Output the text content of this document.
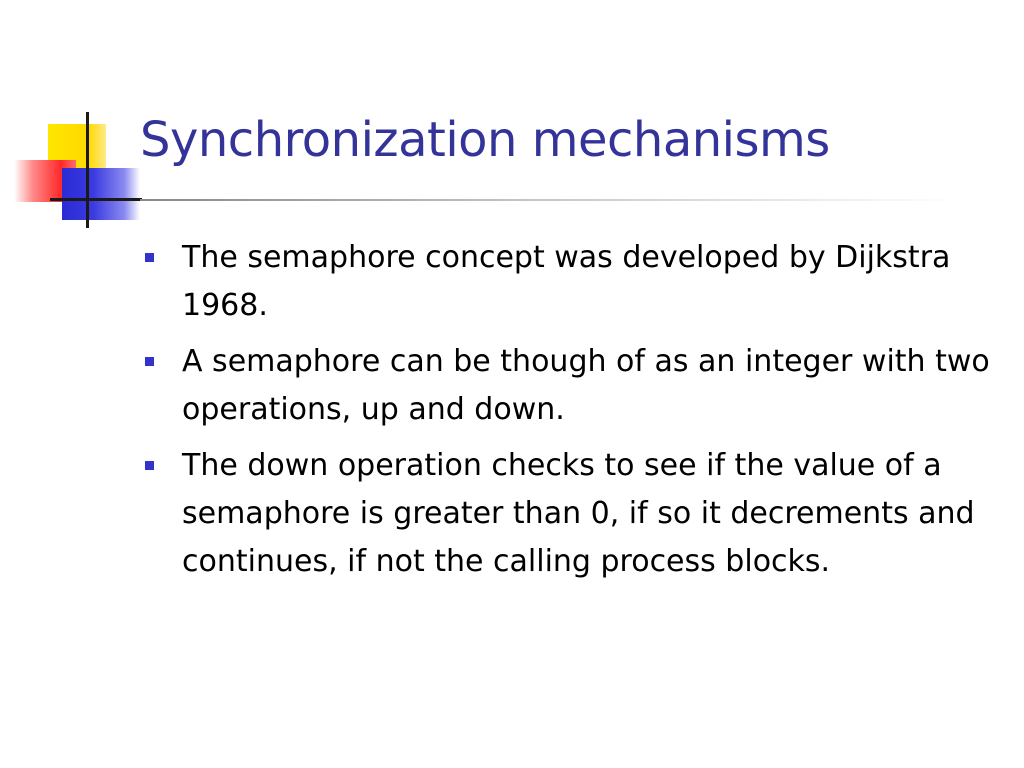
Synchronization mechanisms
The semaphore concept was developed by Dijkstra 1968.
A semaphore can be though of as an integer with two operations, up and down.
The down operation checks to see if the value of a semaphore is greater than 0, if so it decrements and continues, if not the calling process blocks.
